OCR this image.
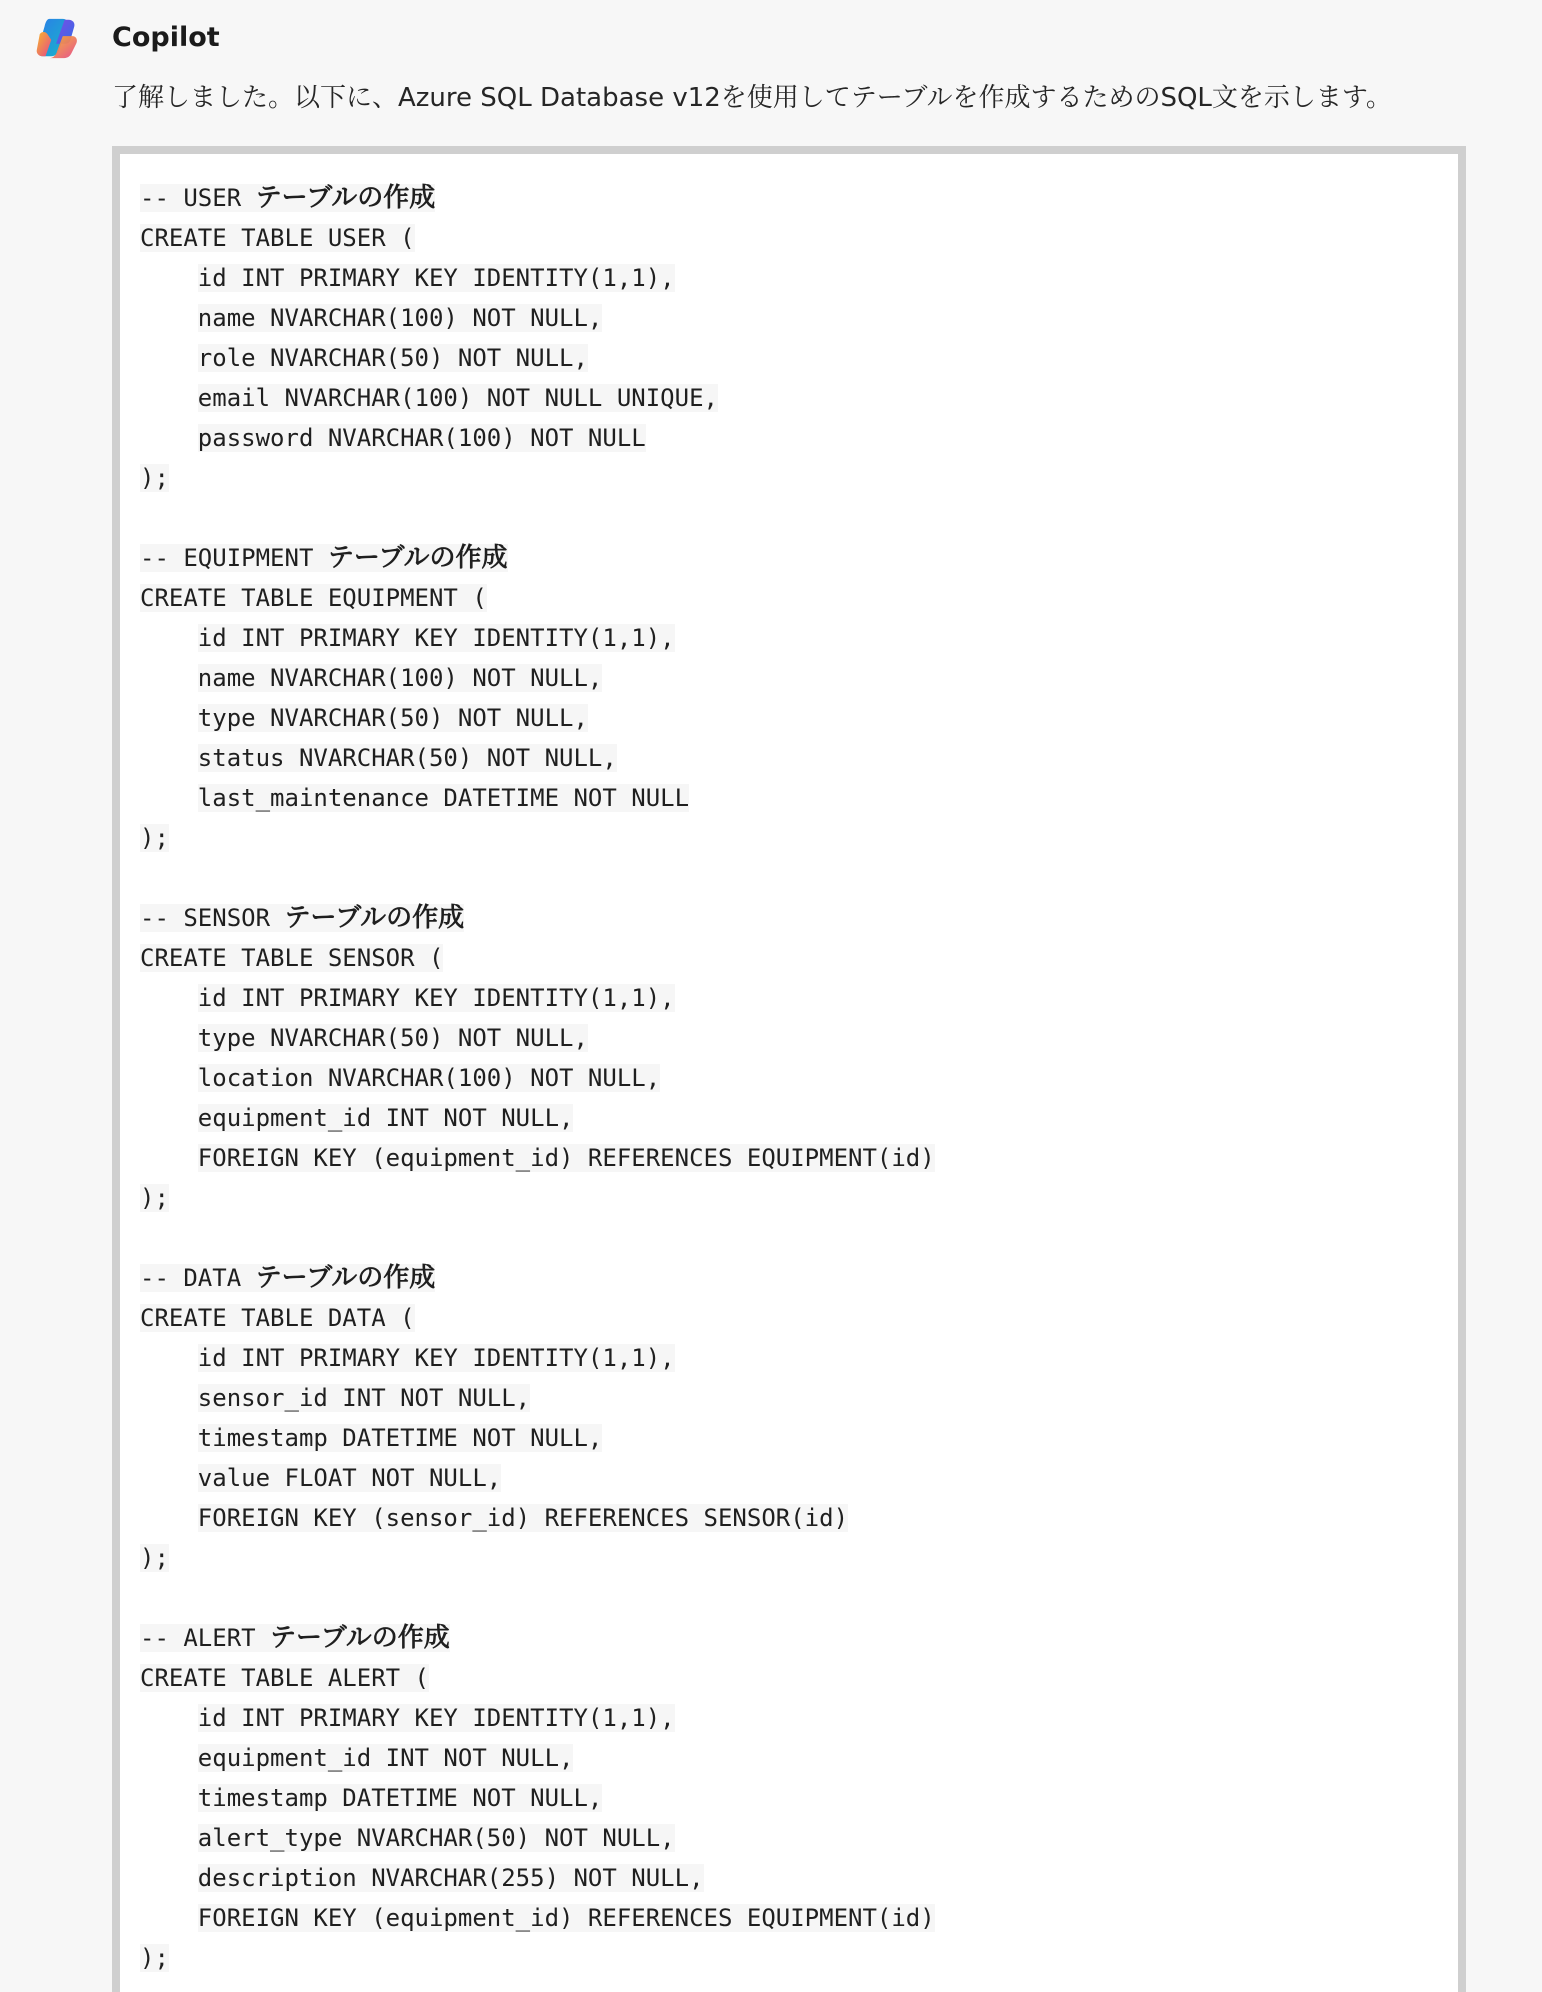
Copilot
了解しました。以下に、Azure SQL Database v12を使用してテーブルを作成するためのSQL文を示します。
-- USER テーブルの作成
CREATE TABLE USER (
id INT PRIMARY KEY IDENTITY(1,1),
name NVARCHAR(100) NOT NULL,
role NVARCHAR(50) NOT NULL,
email NVARCHAR(100) NOT NULL UNIQUE,
password NVARCHAR(100) NOT NULL
);
-- EQUIPMENT テーブルの作成
CREATE TABLE EQUIPMENT (
id INT PRIMARY KEY IDENTITY(1,1),
name NVARCHAR(100) NOT NULL,
type NVARCHAR(50) NOT NULL,
status NVARCHAR(50) NOT NULL,
last_maintenance DATETIME NOT NULL
);
-- SENSOR テーブルの作成
CREATE TABLE SENSOR (
id INT PRIMARY KEY IDENTITY(1,1),
type NVARCHAR(50) NOT NULL,
location NVARCHAR(100) NOT NULL,
equipment_id INT NOT NULL,
FOREIGN KEY (equipment_id) REFERENCES EQUIPMENT(id)
);
-- DATA テーブルの作成
CREATE TABLE DATA (
id INT PRIMARY KEY IDENTITY(1,1),
sensor_id INT NOT NULL,
timestamp DATETIME NOT NULL,
value FLOAT NOT NULL,
FOREIGN KEY (sensor_id) REFERENCES SENSOR(id)
);
-- ALERT テーブルの作成
CREATE TABLE ALERT (
id INT PRIMARY KEY IDENTITY(1,1),
equipment_id INT NOT NULL,
timestamp DATETIME NOT NULL,
alert_type NVARCHAR(50) NOT NULL,
description NVARCHAR(255) NOT NULL,
FOREIGN KEY (equipment_id) REFERENCES EQUIPMENT(id)
);
